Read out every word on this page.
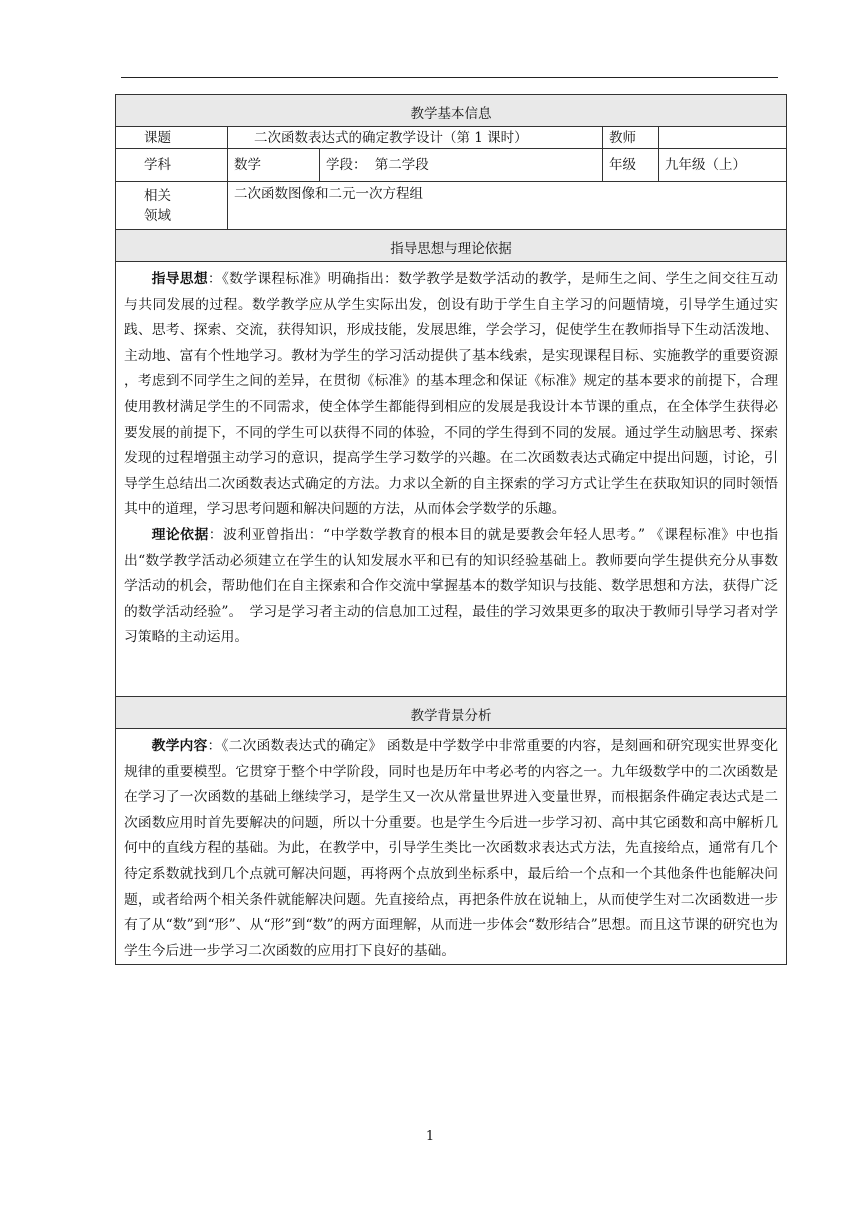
教学基本信息				
课题	二次函数表达式的确定教学设计（第 1 课时）		教师	
学科	数学	学段： 第二学段	年级	九年级（上）

相关
领域	二次函数图像和二元一次方程组			
指导思想与理论依据				

指导思想：《数学课程标准》明确指出：数学教学是数学活动的教学，是师生之间、学生之间交往互动与共同发展的过程。数学教学应从学生实际出发，创设有助于学生自主学习的问题情境，引导学生通过实践、思考、探索、交流，获得知识，形成技能，发展思维，学会学习，促使学生在教师指导下生动活泼地、主动地、富有个性地学习。教材为学生的学习活动提供了基本线索，是实现课程目标、实施教学的重要资源 ，考虑到不同学生之间的差异，在贯彻《标准》的基本理念和保证《标准》规定的基本要求的前提下，合理使用教材满足学生的不同需求，使全体学生都能得到相应的发展是我设计本节课的重点，在全体学生获得必要发展的前提下，不同的学生可以获得不同的体验，不同的学生得到不同的发展。通过学生动脑思考、探索发现的过程增强主动学习的意识，提高学生学习数学的兴趣。在二次函数表达式确定中提出问题，讨论，引导学生总结出二次函数表达式确定的方法。力求以全新的自主探索的学习方式让学生在获取知识的同时领悟其中的道理，学习思考问题和解决问题的方法，从而体会学数学的乐趣。

理论依据：波利亚曾指出：“中学数学教育的根本目的就是要教会年轻人思考。” 《课程标准》中也指出“数学教学活动必须建立在学生的认知发展水平和已有的知识经验基础上。教师要向学生提供充分从事数学活动的机会，帮助他们在自主探索和合作交流中掌握基本的数学知识与技能、数学思想和方法，获得广泛的数学活动经验”。　学习是学习者主动的信息加工过程，最佳的学习效果更多的取决于教师引导学习者对学习策略的主动运用。				

教学背景分析				

教学内容：《二次函数表达式的确定》 函数是中学数学中非常重要的内容，是刻画和研究现实世界变化规律的重要模型。它贯穿于整个中学阶段，同时也是历年中考必考的内容之一。九年级数学中的二次函数是在学习了一次函数的基础上继续学习，是学生又一次从常量世界进入变量世界，而根据条件确定表达式是二次函数应用时首先要解决的问题，所以十分重要。也是学生今后进一步学习初、高中其它函数和高中解析几何中的直线方程的基础。为此，在教学中，引导学生类比一次函数求表达式方法，先直接给点，通常有几个待定系数就找到几个点就可解决问题，再将两个点放到坐标系中，最后给一个点和一个其他条件也能解决问题，或者给两个相关条件就能解决问题。先直接给点，再把条件放在说轴上，从而使学生对二次函数进一步有了从“数”到“形”、从“形”到“数”的两方面理解，从而进一步体会“数形结合”思想。而且这节课的研究也为学生今后进一步学习二次函数的应用打下良好的基础。				

1
